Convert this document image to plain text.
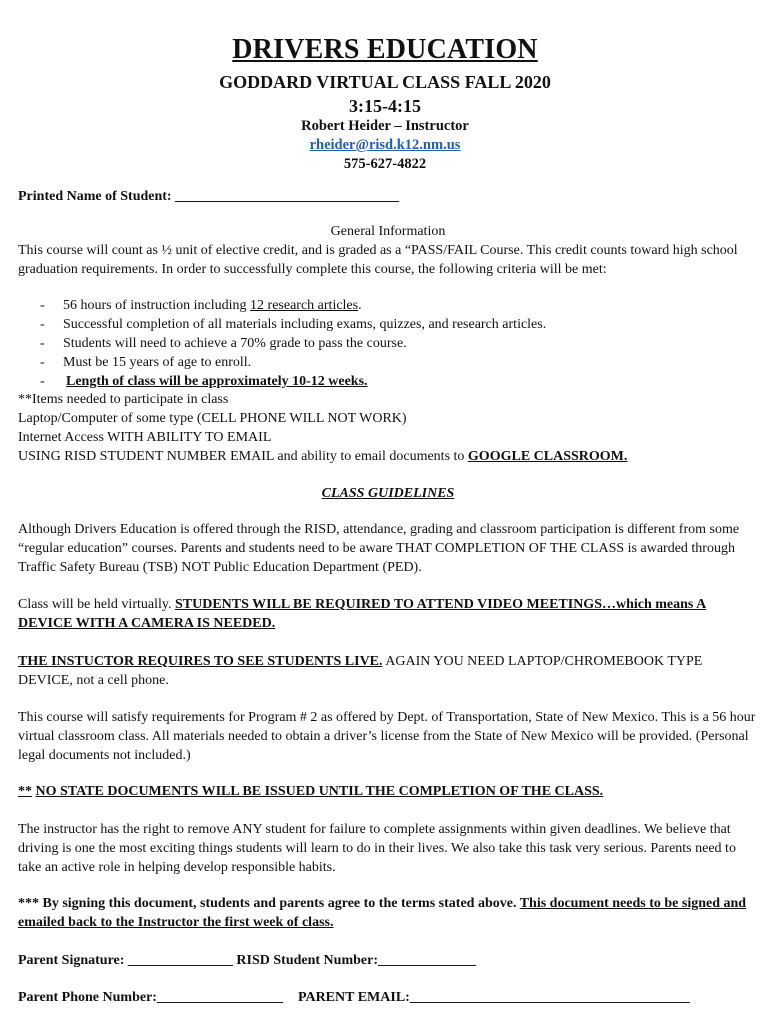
DRIVERS EDUCATION
GODDARD VIRTUAL CLASS FALL 2020
3:15-4:15
Robert Heider – Instructor
rheider@risd.k12.nm.us
575-627-4822
Printed Name of Student: ________________________________
General Information
This course will count as ½ unit of elective credit, and is graded as a “PASS/FAIL Course. This credit counts toward high school graduation requirements. In order to successfully complete this course, the following criteria will be met:
- 56 hours of instruction including 12 research articles.
- Successful completion of all materials including exams, quizzes, and research articles.
- Students will need to achieve a 70% grade to pass the course.
- Must be 15 years of age to enroll.
- Length of class will be approximately 10-12 weeks.
**Items needed to participate in class
Laptop/Computer of some type (CELL PHONE WILL NOT WORK)
Internet Access WITH ABILITY TO EMAIL
USING RISD STUDENT NUMBER EMAIL and ability to email documents to GOOGLE CLASSROOM.
CLASS GUIDELINES
Although Drivers Education is offered through the RISD, attendance, grading and classroom participation is different from some “regular education” courses. Parents and students need to be aware THAT COMPLETION OF THE CLASS is awarded through Traffic Safety Bureau (TSB) NOT Public Education Department (PED).
Class will be held virtually. STUDENTS WILL BE REQUIRED TO ATTEND VIDEO MEETINGS…which means A DEVICE WITH A CAMERA IS NEEDED.
THE INSTUCTOR REQUIRES TO SEE STUDENTS LIVE. AGAIN YOU NEED LAPTOP/CHROMEBOOK TYPE DEVICE, not a cell phone.
This course will satisfy requirements for Program # 2 as offered by Dept. of Transportation, State of New Mexico. This is a 56 hour virtual classroom class. All materials needed to obtain a driver’s license from the State of New Mexico will be provided. (Personal legal documents not included.)
** NO STATE DOCUMENTS WILL BE ISSUED UNTIL THE COMPLETION OF THE CLASS.
The instructor has the right to remove ANY student for failure to complete assignments within given deadlines. We believe that driving is one the most exciting things students will learn to do in their lives. We also take this task very serious. Parents need to take an active role in helping develop responsible habits.
*** By signing this document, students and parents agree to the terms stated above. This document needs to be signed and emailed back to the Instructor the first week of class.
Parent Signature: _______________ RISD Student Number:______________
Parent Phone Number:__________________ PARENT EMAIL:________________________________________
